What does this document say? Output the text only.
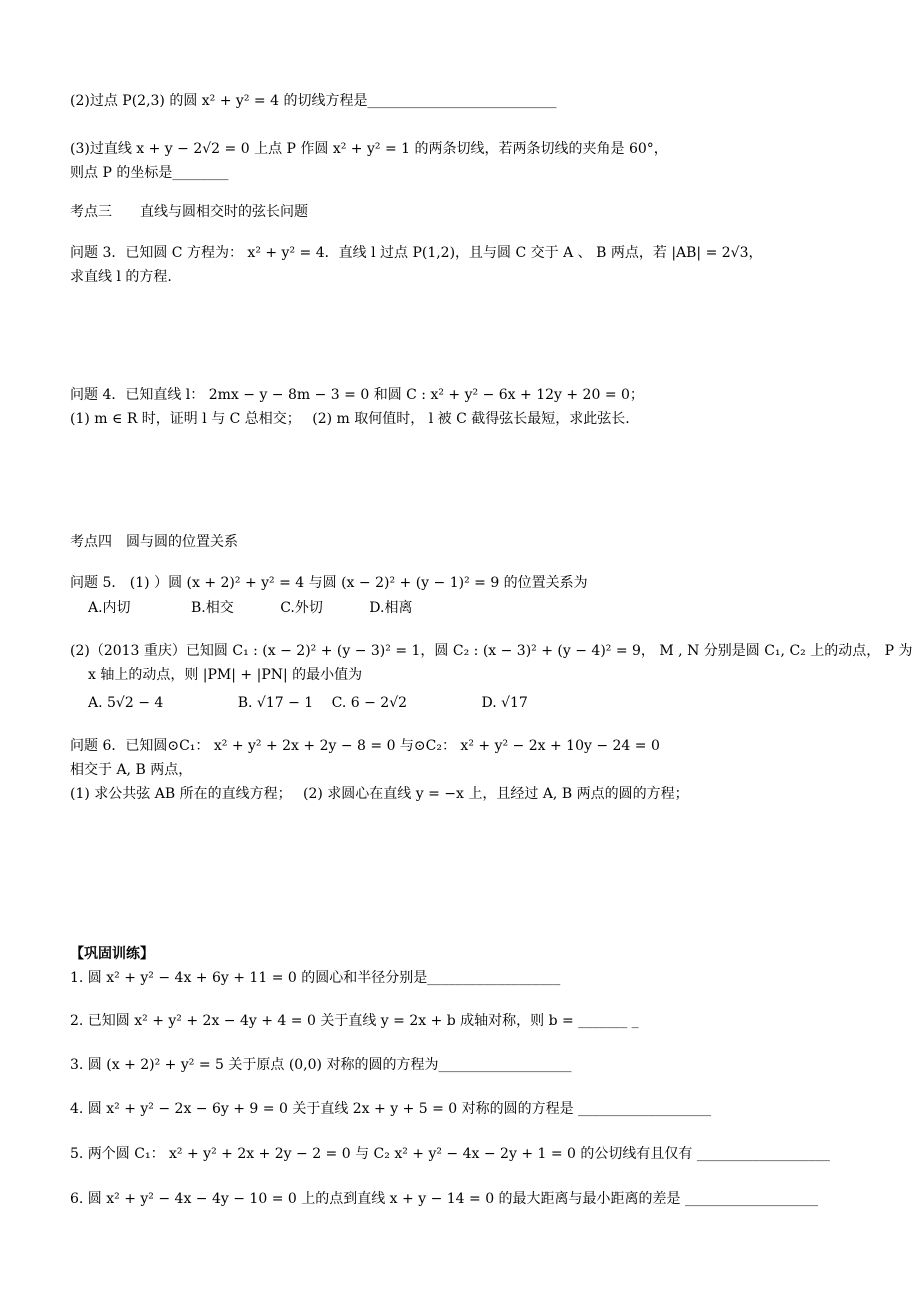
(2)过点 P(2,3) 的圆 x² + y² = 4 的切线方程是___________________________
(3)过直线 x + y − 2√2 = 0 上点 P 作圆 x² + y² = 1 的两条切线，若两条切线的夹角是 60°，
则点 P 的坐标是________
考点三　　直线与圆相交时的弦长问题
问题 3．已知圆 C 方程为： x² + y² = 4．直线 l 过点 P(1,2)，且与圆 C 交于 A 、 B 两点，若 |AB| = 2√3，
求直线 l 的方程.
问题 4．已知直线 l： 2mx − y − 8m − 3 = 0 和圆 C : x² + y² − 6x + 12y + 20 = 0；
(1) m ∈ R 时，证明 l 与 C 总相交；　 (2) m 取何值时， l 被 C 截得弦长最短，求此弦长.
考点四　圆与圆的位置关系
问题 5． (1) ）圆 (x + 2)² + y² = 4 与圆 (x − 2)² + (y − 1)² = 9 的位置关系为
A.内切　　　　 B.相交　　　 C.外切　　　 D.相离
(2)（2013 重庆）已知圆 C₁ : (x − 2)² + (y − 3)² = 1，圆 C₂ : (x − 3)² + (y − 4)² = 9， M , N 分别是圆 C₁, C₂ 上的动点， P 为
x 轴上的动点，则 |PM| + |PN| 的最小值为
A. 5√2 − 4　　　　　 B. √17 − 1　 C. 6 − 2√2　　　　　 D. √17
问题 6．已知圆⊙C₁： x² + y² + 2x + 2y − 8 = 0 与⊙C₂： x² + y² − 2x + 10y − 24 = 0
相交于 A, B 两点，
(1) 求公共弦 AB 所在的直线方程；　 (2) 求圆心在直线 y = −x 上，且经过 A, B 两点的圆的方程；
【巩固训练】
1. 圆 x² + y² − 4x + 6y + 11 = 0 的圆心和半径分别是___________________
2. 已知圆 x² + y² + 2x − 4y + 4 = 0 关于直线 y = 2x + b 成轴对称，则 b = _______ _
3. 圆 (x + 2)² + y² = 5 关于原点 (0,0) 对称的圆的方程为___________________
4. 圆 x² + y² − 2x − 6y + 9 = 0 关于直线 2x + y + 5 = 0 对称的圆的方程是 ___________________
5. 两个圆 C₁： x² + y² + 2x + 2y − 2 = 0 与 C₂ x² + y² − 4x − 2y + 1 = 0 的公切线有且仅有 ___________________
6. 圆 x² + y² − 4x − 4y − 10 = 0 上的点到直线 x + y − 14 = 0 的最大距离与最小距离的差是 ___________________
